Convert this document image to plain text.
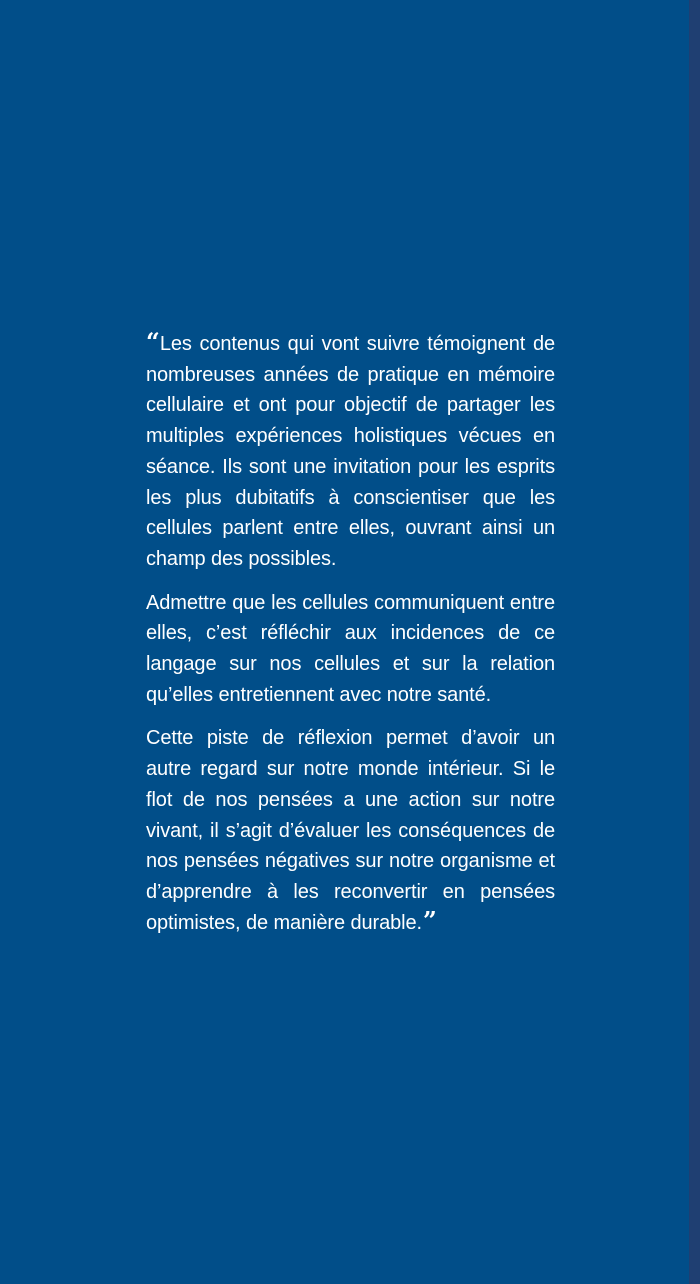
“Les contenus qui vont suivre témoignent de nombreuses années de pratique en mémoire cellulaire et ont pour objectif de partager les multiples expériences holistiques vécues en séance. Ils sont une invitation pour les esprits les plus dubitatifs à conscientiser que les cellules parlent entre elles, ouvrant ainsi un champ des possibles.

Admettre que les cellules communiquent entre elles, c’est réfléchir aux incidences de ce langage sur nos cellules et sur la relation qu’elles entretiennent avec notre santé.

Cette piste de réflexion permet d’avoir un autre regard sur notre monde intérieur. Si le flot de nos pensées a une action sur notre vivant, il s’agit d’évaluer les conséquences de nos pensées négatives sur notre organisme et d’apprendre à les reconvertir en pensées optimistes, de manière durable.”
